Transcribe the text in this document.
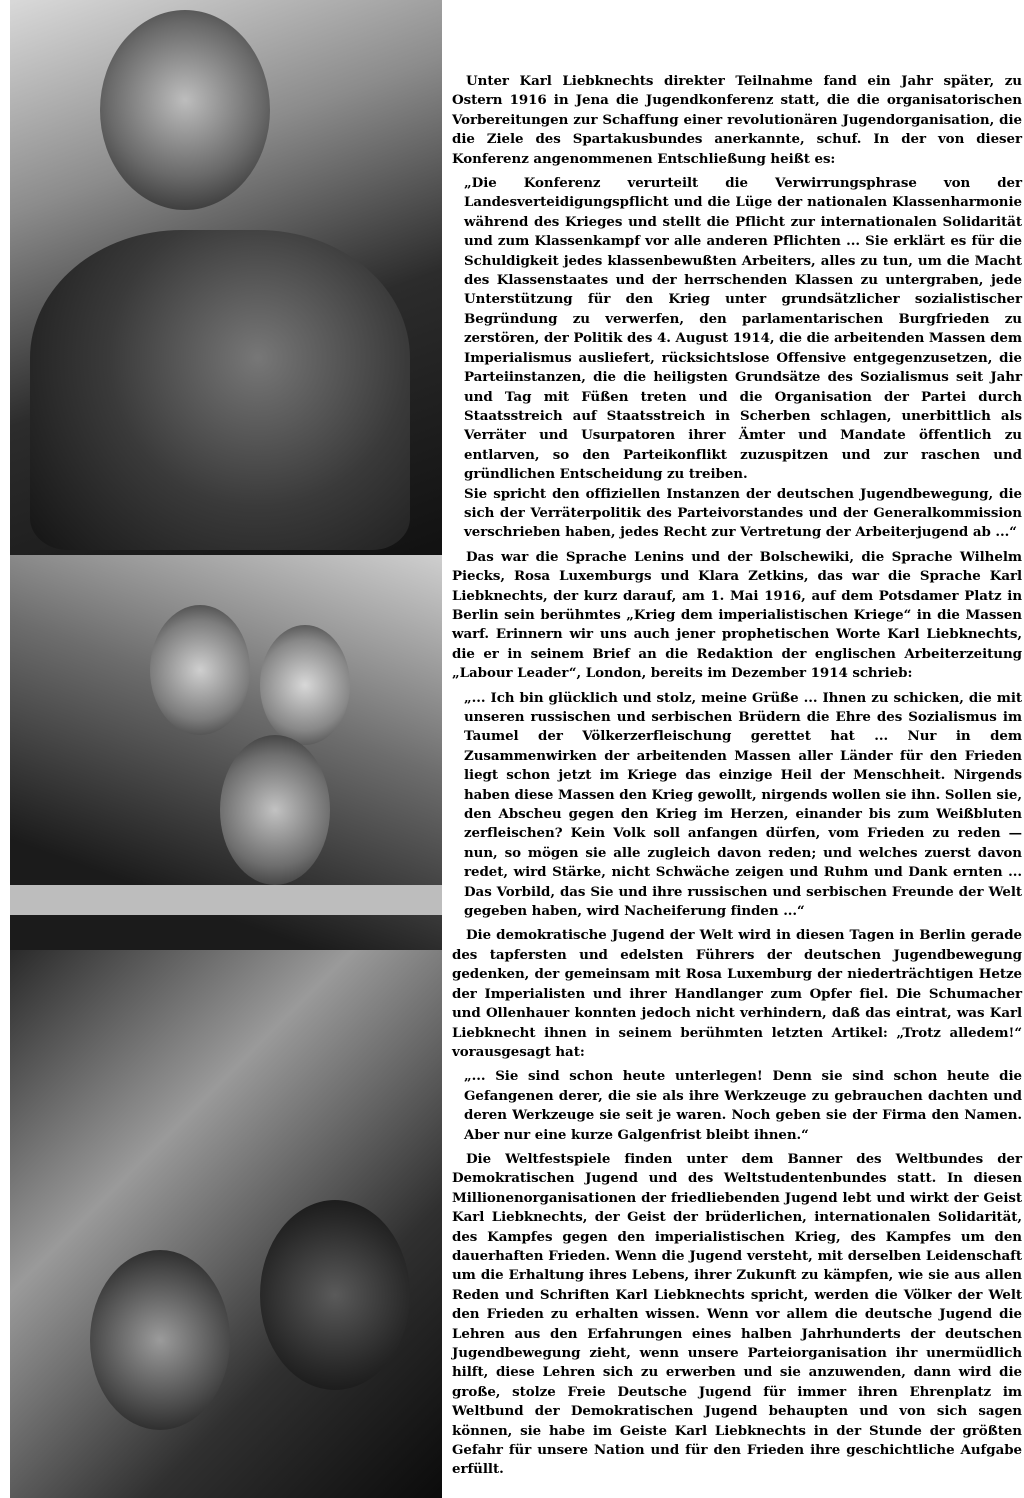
Unter Karl Liebknechts direkter Teilnahme fand ein Jahr später, zu Ostern 1916 in Jena die Jugendkonferenz statt, die die organisatorischen Vorbereitungen zur Schaffung einer revolutionären Jugendorganisation, die die Ziele des Spartakusbundes anerkannte, schuf. In der von dieser Konferenz angenommenen Entschließung heißt es:

„Die Konferenz verurteilt die Verwirrungsphrase von der Landesverteidigungspflicht und die Lüge der nationalen Klassenharmonie während des Krieges und stellt die Pflicht zur internationalen Solidarität und zum Klassenkampf vor alle anderen Pflichten ... Sie erklärt es für die Schuldigkeit jedes klassenbewußten Arbeiters, alles zu tun, um die Macht des Klassenstaates und der herrschenden Klassen zu untergraben, jede Unterstützung für den Krieg unter grundsätzlicher sozialistischer Begründung zu verwerfen, den parlamentarischen Burgfrieden zu zerstören, der Politik des 4. August 1914, die die arbeitenden Massen dem Imperialismus ausliefert, rücksichtslose Offensive entgegenzusetzen, die Parteiinstanzen, die die heiligsten Grundsätze des Sozialismus seit Jahr und Tag mit Füßen treten und die Organisation der Partei durch Staatsstreich auf Staatsstreich in Scherben schlagen, unerbittlich als Verräter und Usurpatoren ihrer Ämter und Mandate öffentlich zu entlarven, so den Parteikonflikt zuzuspitzen und zur raschen und gründlichen Entscheidung zu treiben.

Sie spricht den offiziellen Instanzen der deutschen Jugendbewegung, die sich der Verräterpolitik des Parteivorstandes und der Generalkommission verschrieben haben, jedes Recht zur Vertretung der Arbeiterjugend ab ...“

Das war die Sprache Lenins und der Bolschewiki, die Sprache Wilhelm Piecks, Rosa Luxemburgs und Klara Zetkins, das war die Sprache Karl Liebknechts, der kurz darauf, am 1. Mai 1916, auf dem Potsdamer Platz in Berlin sein berühmtes „Krieg dem imperialistischen Kriege“ in die Massen warf. Erinnern wir uns auch jener prophetischen Worte Karl Liebknechts, die er in seinem Brief an die Redaktion der englischen Arbeiterzeitung „Labour Leader“, London, bereits im Dezember 1914 schrieb:

„... Ich bin glücklich und stolz, meine Grüße ... Ihnen zu schicken, die mit unseren russischen und serbischen Brüdern die Ehre des Sozialismus im Taumel der Völkerzerfleischung gerettet hat ... Nur in dem Zusammenwirken der arbeitenden Massen aller Länder für den Frieden liegt schon jetzt im Kriege das einzige Heil der Menschheit. Nirgends haben diese Massen den Krieg gewollt, nirgends wollen sie ihn. Sollen sie, den Abscheu gegen den Krieg im Herzen, einander bis zum Weißbluten zerfleischen? Kein Volk soll anfangen dürfen, vom Frieden zu reden — nun, so mögen sie alle zugleich davon reden; und welches zuerst davon redet, wird Stärke, nicht Schwäche zeigen und Ruhm und Dank ernten ... Das Vorbild, das Sie und ihre russischen und serbischen Freunde der Welt gegeben haben, wird Nacheiferung finden ...“

Die demokratische Jugend der Welt wird in diesen Tagen in Berlin gerade des tapfersten und edelsten Führers der deutschen Jugendbewegung gedenken, der gemeinsam mit Rosa Luxemburg der niederträchtigen Hetze der Imperialisten und ihrer Handlanger zum Opfer fiel. Die Schumacher und Ollenhauer konnten jedoch nicht verhindern, daß das eintrat, was Karl Liebknecht ihnen in seinem berühmten letzten Artikel: „Trotz alledem!“ vorausgesagt hat:

„... Sie sind schon heute unterlegen! Denn sie sind schon heute die Gefangenen derer, die sie als ihre Werkzeuge zu gebrauchen dachten und deren Werkzeuge sie seit je waren. Noch geben sie der Firma den Namen. Aber nur eine kurze Galgenfrist bleibt ihnen.“

Die Weltfestspiele finden unter dem Banner des Weltbundes der Demokratischen Jugend und des Weltstudentenbundes statt. In diesen Millionenorganisationen der friedliebenden Jugend lebt und wirkt der Geist Karl Liebknechts, der Geist der brüderlichen, internationalen Solidarität, des Kampfes gegen den imperialistischen Krieg, des Kampfes um den dauerhaften Frieden. Wenn die Jugend versteht, mit derselben Leidenschaft um die Erhaltung ihres Lebens, ihrer Zukunft zu kämpfen, wie sie aus allen Reden und Schriften Karl Liebknechts spricht, werden die Völker der Welt den Frieden zu erhalten wissen. Wenn vor allem die deutsche Jugend die Lehren aus den Erfahrungen eines halben Jahrhunderts der deutschen Jugendbewegung zieht, wenn unsere Parteiorganisation ihr unermüdlich hilft, diese Lehren sich zu erwerben und sie anzuwenden, dann wird die große, stolze Freie Deutsche Jugend für immer ihren Ehrenplatz im Weltbund der Demokratischen Jugend behaupten und von sich sagen können, sie habe im Geiste Karl Liebknechts in der Stunde der größten Gefahr für unsere Nation und für den Frieden ihre geschichtliche Aufgabe erfüllt.
